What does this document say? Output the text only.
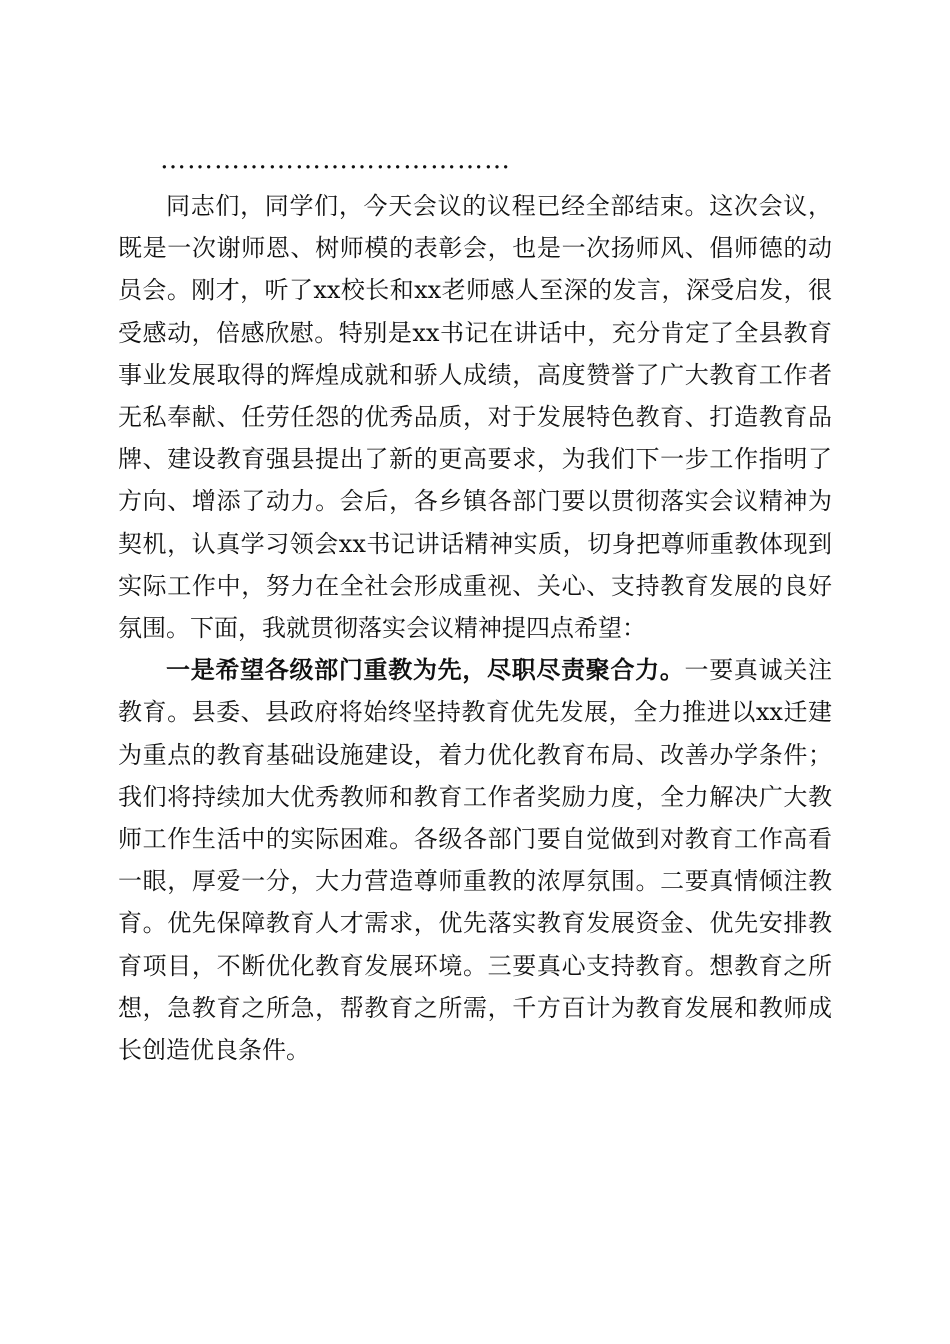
…………………………………

同志们，同学们，今天会议的议程已经全部结束。这次会议，既是一次谢师恩、树师模的表彰会，也是一次扬师风、倡师德的动员会。刚才，听了xx校长和xx老师感人至深的发言，深受启发，很受感动，倍感欣慰。特别是xx书记在讲话中，充分肯定了全县教育事业发展取得的辉煌成就和骄人成绩，高度赞誉了广大教育工作者无私奉献、任劳任怨的优秀品质，对于发展特色教育、打造教育品牌、建设教育强县提出了新的更高要求，为我们下一步工作指明了方向、增添了动力。会后，各乡镇各部门要以贯彻落实会议精神为契机，认真学习领会xx书记讲话精神实质，切身把尊师重教体现到实际工作中，努力在全社会形成重视、关心、支持教育发展的良好氛围。下面，我就贯彻落实会议精神提四点希望：

一是希望各级部门重教为先，尽职尽责聚合力。一要真诚关注教育。县委、县政府将始终坚持教育优先发展，全力推进以xx迁建为重点的教育基础设施建设，着力优化教育布局、改善办学条件；我们将持续加大优秀教师和教育工作者奖励力度，全力解决广大教师工作生活中的实际困难。各级各部门要自觉做到对教育工作高看一眼，厚爱一分，大力营造尊师重教的浓厚氛围。二要真情倾注教育。优先保障教育人才需求，优先落实教育发展资金、优先安排教育项目，不断优化教育发展环境。三要真心支持教育。想教育之所想，急教育之所急，帮教育之所需，千方百计为教育发展和教师成长创造优良条件。
